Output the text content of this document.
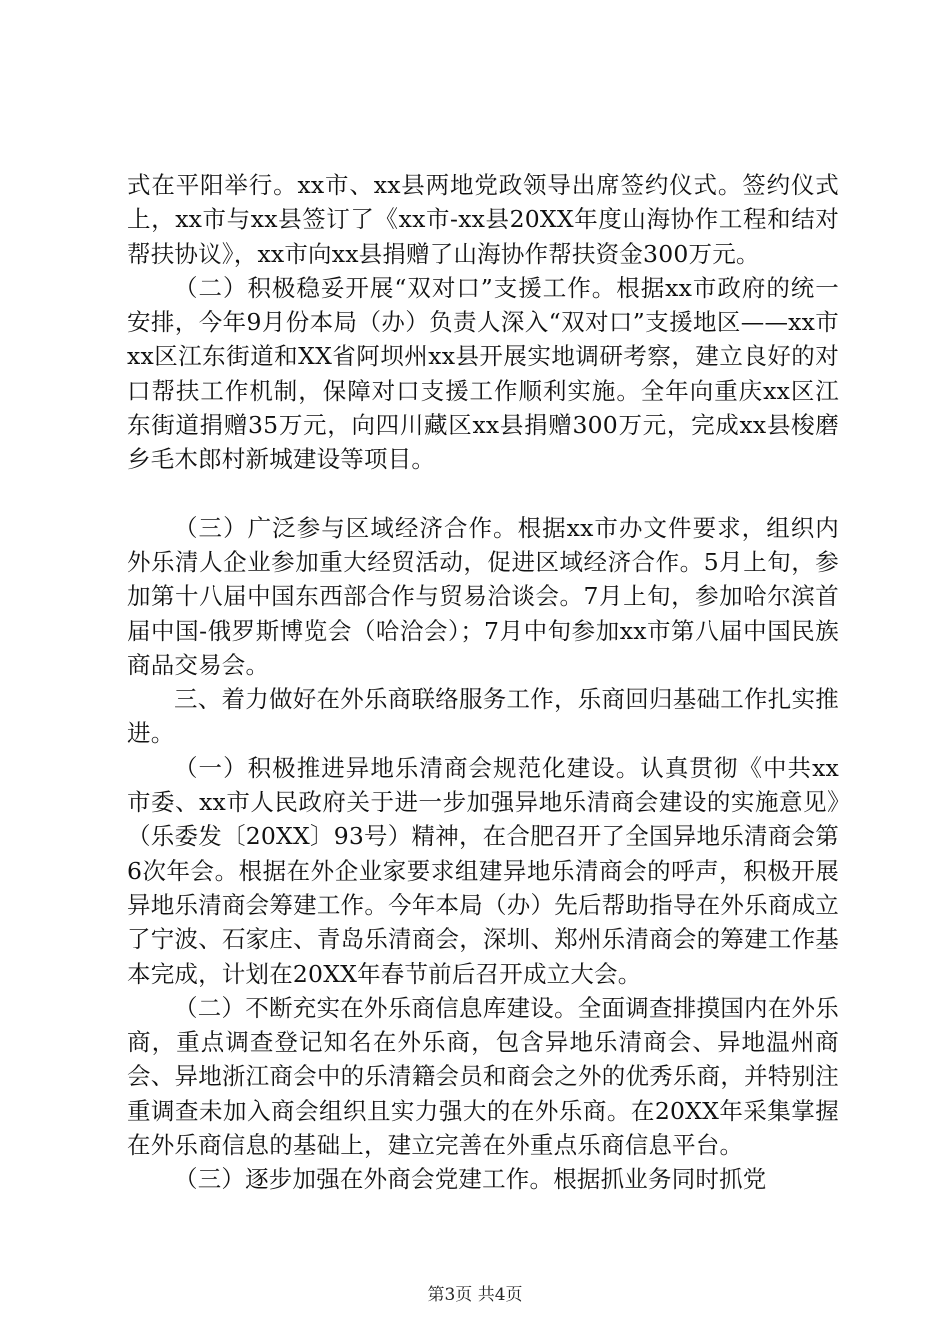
式在平阳举行。xx市、xx县两地党政领导出席签约仪式。签约仪式上，xx市与xx县签订了《xx市-xx县20XX年度山海协作工程和结对帮扶协议》，xx市向xx县捐赠了山海协作帮扶资金300万元。

（二）积极稳妥开展“双对口”支援工作。根据xx市政府的统一安排，今年9月份本局（办）负责人深入“双对口”支援地区——xx市xx区江东街道和XX省阿坝州xx县开展实地调研考察，建立良好的对口帮扶工作机制，保障对口支援工作顺利实施。全年向重庆xx区江东街道捐赠35万元，向四川藏区xx县捐赠300万元，完成xx县梭磨乡毛木郎村新城建设等项目。

（三）广泛参与区域经济合作。根据xx市办文件要求，组织内外乐清人企业参加重大经贸活动，促进区域经济合作。5月上旬，参加第十八届中国东西部合作与贸易洽谈会。7月上旬，参加哈尔滨首届中国-俄罗斯博览会（哈洽会）；7月中旬参加xx市第八届中国民族商品交易会。

三、着力做好在外乐商联络服务工作，乐商回归基础工作扎实推进。

（一）积极推进异地乐清商会规范化建设。认真贯彻《中共xx市委、xx市人民政府关于进一步加强异地乐清商会建设的实施意见》（乐委发〔20XX〕93号）精神，在合肥召开了全国异地乐清商会第6次年会。根据在外企业家要求组建异地乐清商会的呼声，积极开展异地乐清商会筹建工作。今年本局（办）先后帮助指导在外乐商成立了宁波、石家庄、青岛乐清商会，深圳、郑州乐清商会的筹建工作基本完成，计划在20XX年春节前后召开成立大会。

（二）不断充实在外乐商信息库建设。全面调查排摸国内在外乐商，重点调查登记知名在外乐商，包含异地乐清商会、异地温州商会、异地浙江商会中的乐清籍会员和商会之外的优秀乐商，并特别注重调查未加入商会组织且实力强大的在外乐商。在20XX年采集掌握在外乐商信息的基础上，建立完善在外重点乐商信息平台。

（三）逐步加强在外商会党建工作。根据抓业务同时抓党

第3页 共4页
